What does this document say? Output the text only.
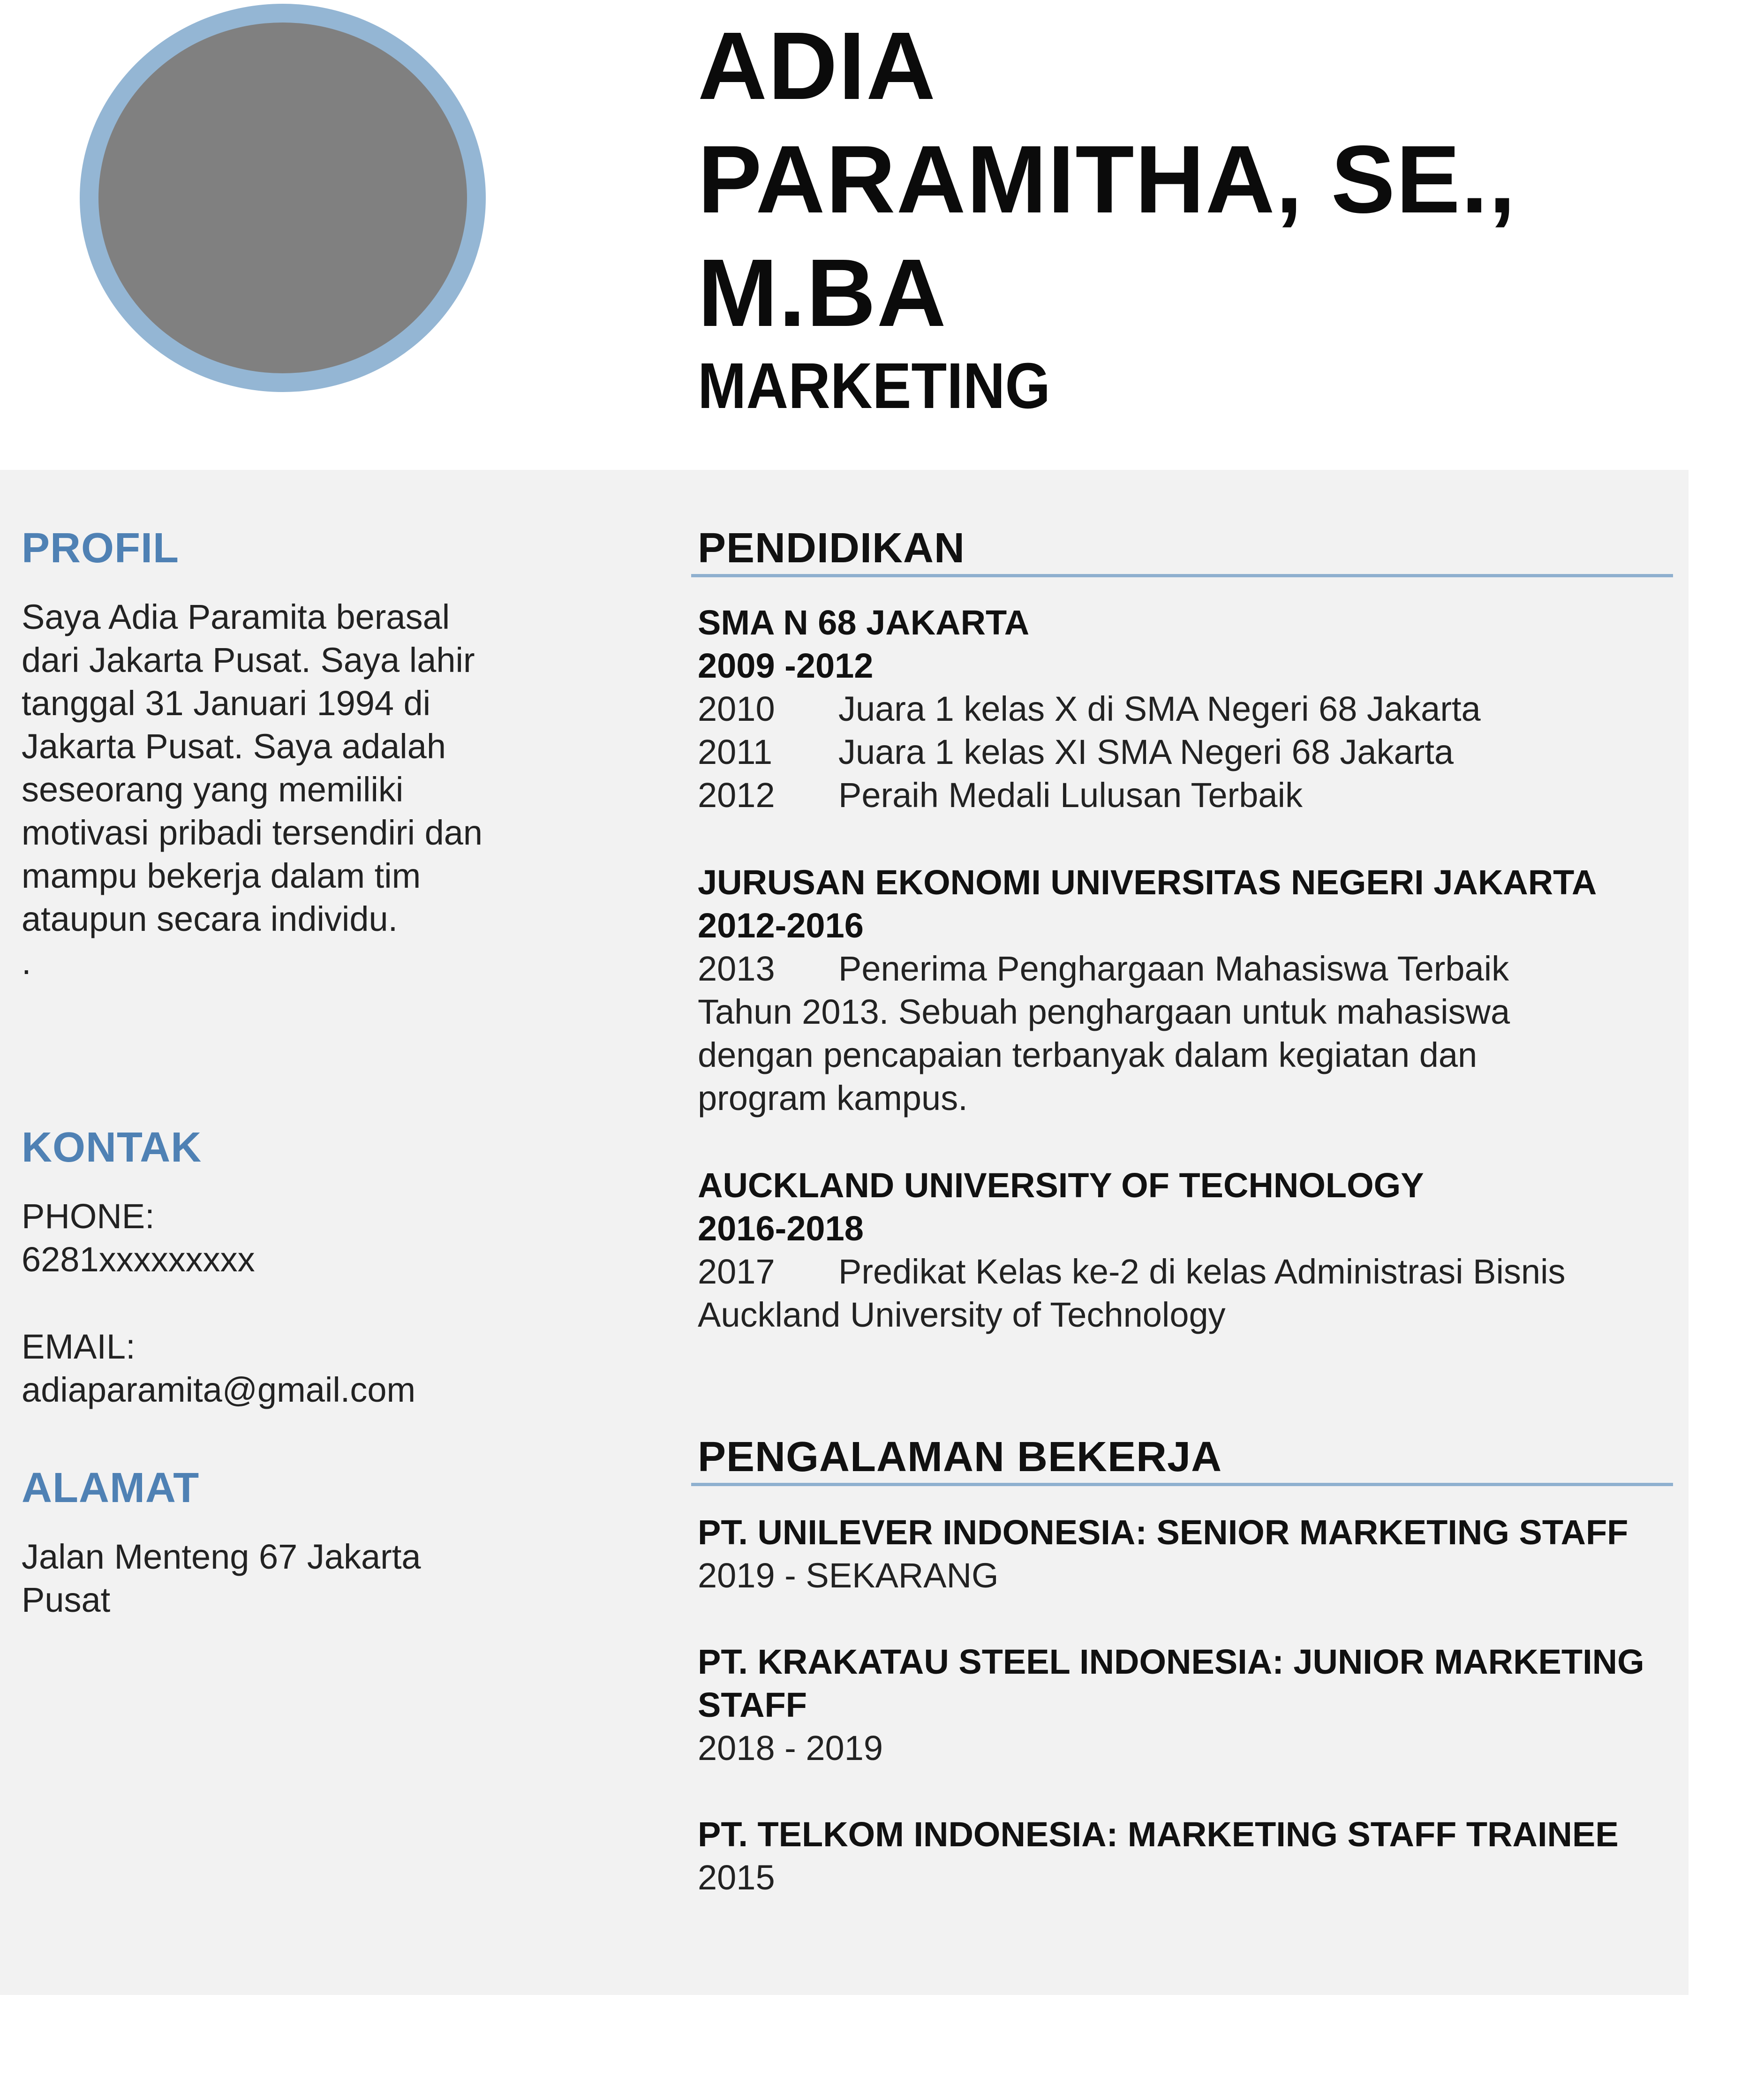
ADIA
PARAMITHA, SE.,
M.BA
MARKETING
PROFIL

Saya Adia Paramita berasal

dari Jakarta Pusat. Saya lahir

tanggal 31 Januari 1994 di

Jakarta Pusat. Saya adalah

seseorang yang memiliki

motivasi pribadi tersendiri dan

mampu bekerja dalam tim

ataupun secara individu.

.

KONTAK
PHONE:
6281xxxxxxxxx
EMAIL:
adiaparamita@gmail.com
ALAMAT

Jalan Menteng 67 Jakarta

Pusat

PENDIDIKAN
SMA N 68 JAKARTA
2009 -2012
2010 Juara 1 kelas X di SMA Negeri 68 Jakarta
2011 Juara 1 kelas XI SMA Negeri 68 Jakarta
2012 Peraih Medali Lulusan Terbaik
JURUSAN EKONOMI UNIVERSITAS NEGERI JAKARTA
2012-2016
2013 Penerima Penghargaan Mahasiswa Terbaik

Tahun 2013. Sebuah penghargaan untuk mahasiswa

dengan pencapaian terbanyak dalam kegiatan dan

program kampus.

AUCKLAND UNIVERSITY OF TECHNOLOGY
2016-2018
2017 Predikat Kelas ke-2 di kelas Administrasi Bisnis

Auckland University of Technology

PENGALAMAN BEKERJA
PT. UNILEVER INDONESIA: SENIOR MARKETING STAFF
2019 - SEKARANG
PT. KRAKATAU STEEL INDONESIA: JUNIOR MARKETING
STAFF
2018 - 2019
PT. TELKOM INDONESIA: MARKETING STAFF TRAINEE
2015
